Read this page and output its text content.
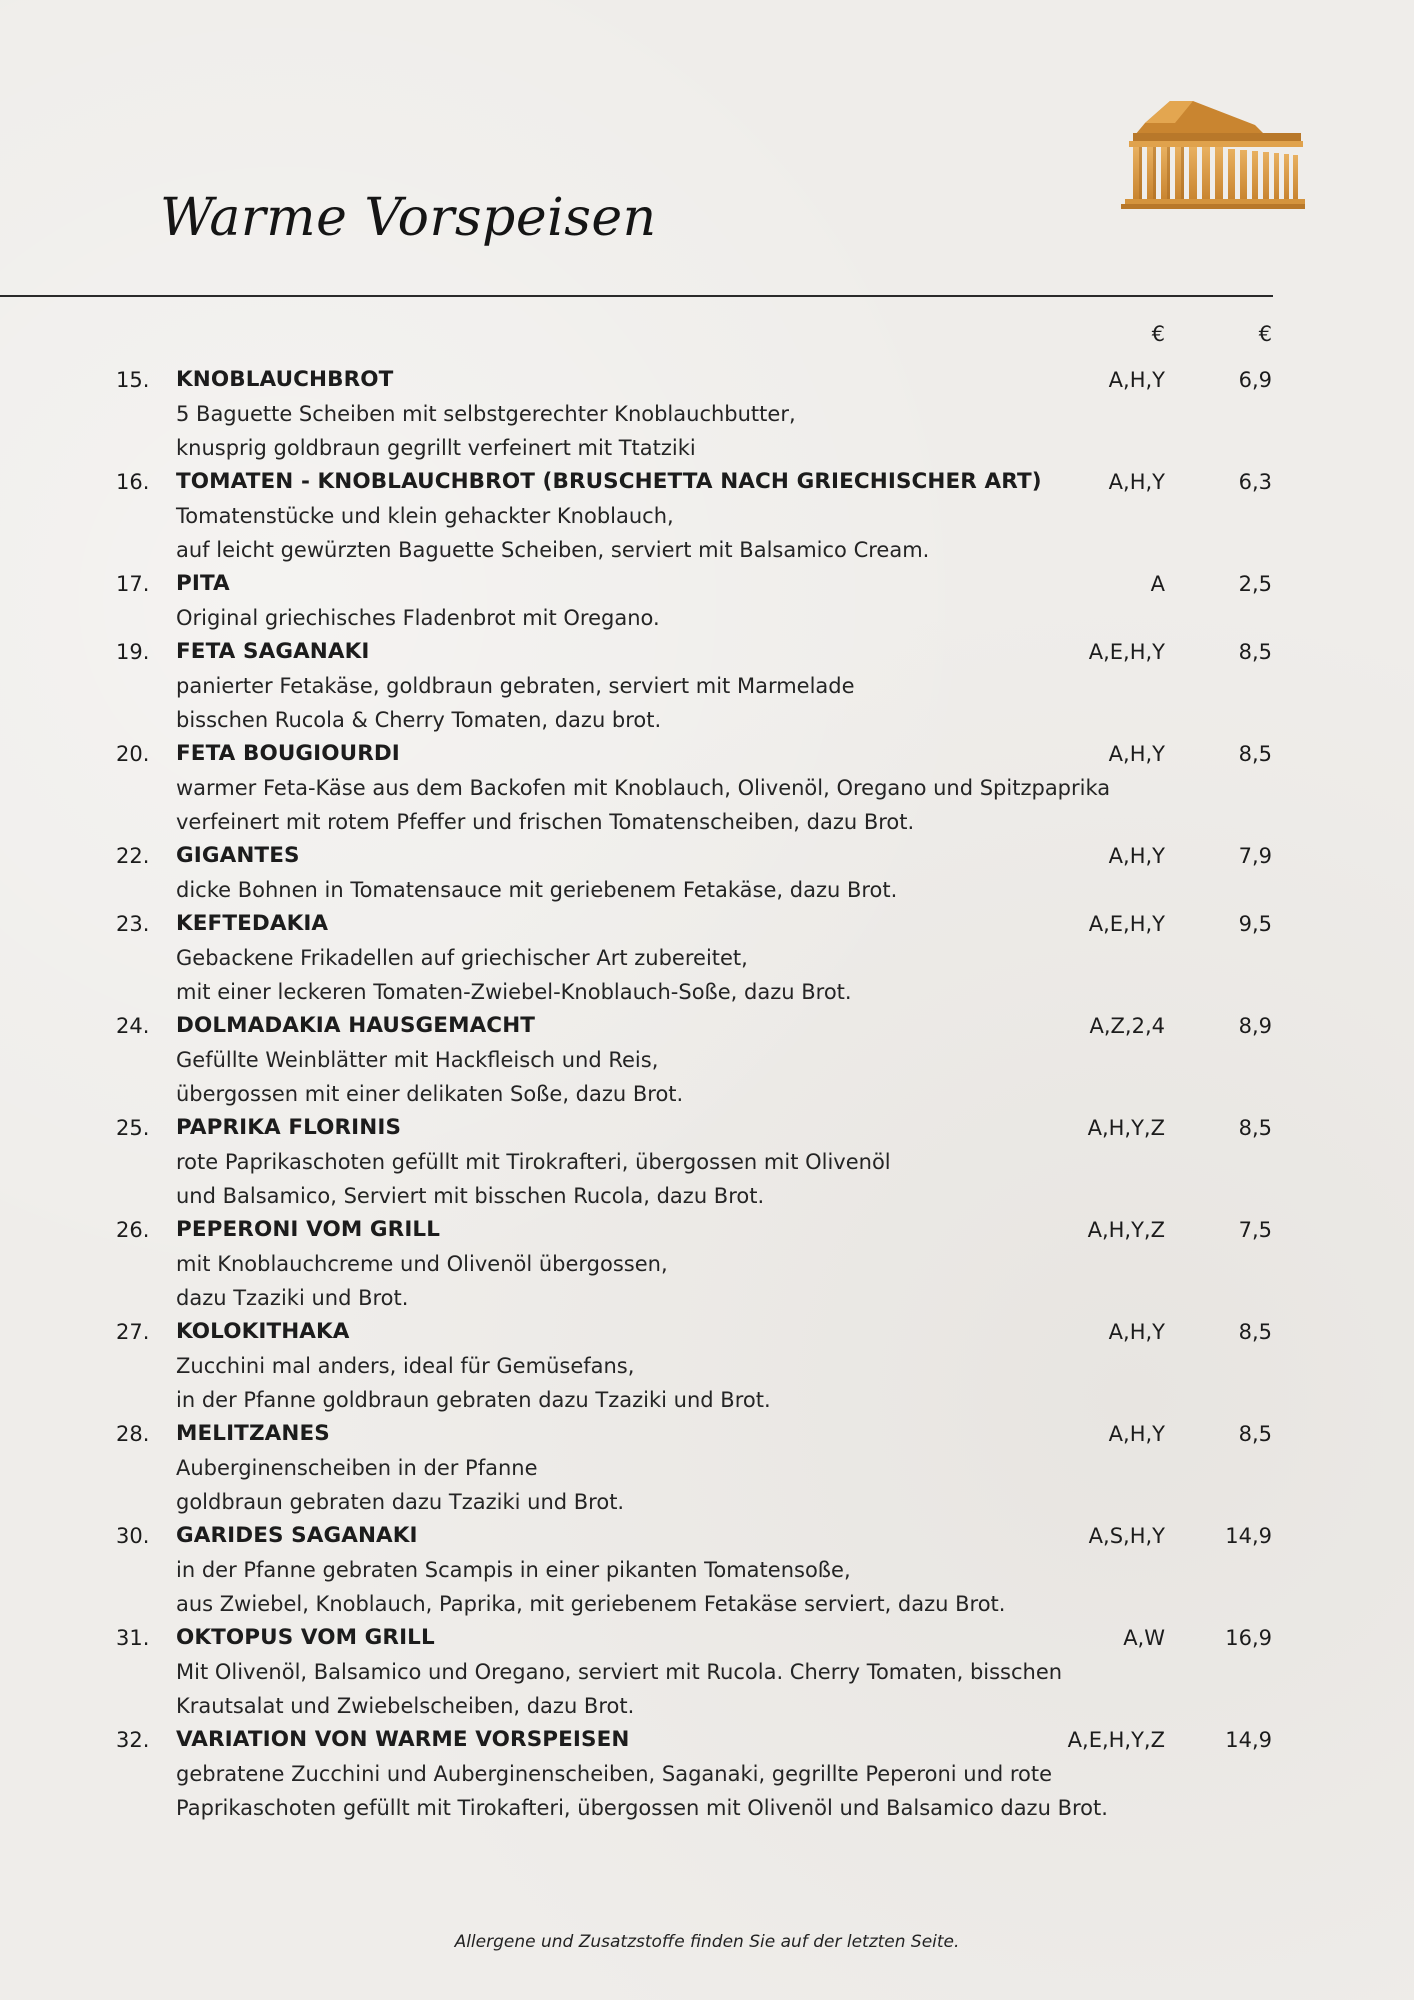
Warme Vorspeisen
€	€
15. KNOBLAUCHBROT	A,H,Y	6,9
5 Baguette Scheiben mit selbstgerechter Knoblauchbutter,
knusprig goldbraun gegrillt verfeinert mit Ttatziki
16. TOMATEN - KNOBLAUCHBROT (BRUSCHETTA NACH GRIECHISCHER ART)	A,H,Y	6,3
Tomatenstücke und klein gehackter Knoblauch,
auf leicht gewürzten Baguette Scheiben, serviert mit Balsamico Cream.
17. PITA	A	2,5
Original griechisches Fladenbrot mit Oregano.
19. FETA SAGANAKI	A,E,H,Y	8,5
panierter Fetakäse, goldbraun gebraten, serviert mit Marmelade
bisschen Rucola & Cherry Tomaten, dazu brot.
20. FETA BOUGIOURDI	A,H,Y	8,5
warmer Feta-Käse aus dem Backofen mit Knoblauch, Olivenöl, Oregano und Spitzpaprika
verfeinert mit rotem Pfeffer und frischen Tomatenscheiben, dazu Brot.
22. GIGANTES	A,H,Y	7,9
dicke Bohnen in Tomatensauce mit geriebenem Fetakäse, dazu Brot.
23. KEFTEDAKIA	A,E,H,Y	9,5
Gebackene Frikadellen auf griechischer Art zubereitet,
mit einer leckeren Tomaten-Zwiebel-Knoblauch-Soße, dazu Brot.
24. DOLMADAKIA HAUSGEMACHT	A,Z,2,4	8,9
Gefüllte Weinblätter mit Hackfleisch und Reis,
übergossen mit einer delikaten Soße, dazu Brot.
25. PAPRIKA FLORINIS	A,H,Y,Z	8,5
rote Paprikaschoten gefüllt mit Tirokrafteri, übergossen mit Olivenöl
und Balsamico, Serviert mit bisschen Rucola, dazu Brot.
26. PEPERONI VOM GRILL	A,H,Y,Z	7,5
mit Knoblauchcreme und Olivenöl übergossen,
dazu Tzaziki und Brot.
27. KOLOKITHAKA	A,H,Y	8,5
Zucchini mal anders, ideal für Gemüsefans,
in der Pfanne goldbraun gebraten dazu Tzaziki und Brot.
28. MELITZANES	A,H,Y	8,5
Auberginenscheiben in der Pfanne
goldbraun gebraten dazu Tzaziki und Brot.
30. GARIDES SAGANAKI	A,S,H,Y	14,9
in der Pfanne gebraten Scampis in einer pikanten Tomatensoße,
aus Zwiebel, Knoblauch, Paprika, mit geriebenem Fetakäse serviert, dazu Brot.
31. OKTOPUS VOM GRILL	A,W	16,9
Mit Olivenöl, Balsamico und Oregano, serviert mit Rucola. Cherry Tomaten, bisschen
Krautsalat und Zwiebelscheiben, dazu Brot.
32. VARIATION VON WARME VORSPEISEN	A,E,H,Y,Z	14,9
gebratene Zucchini und Auberginenscheiben, Saganaki, gegrillte Peperoni und rote
Paprikaschoten gefüllt mit Tirokafteri, übergossen mit Olivenöl und Balsamico dazu Brot.
Allergene und Zusatzstoffe finden Sie auf der letzten Seite.
